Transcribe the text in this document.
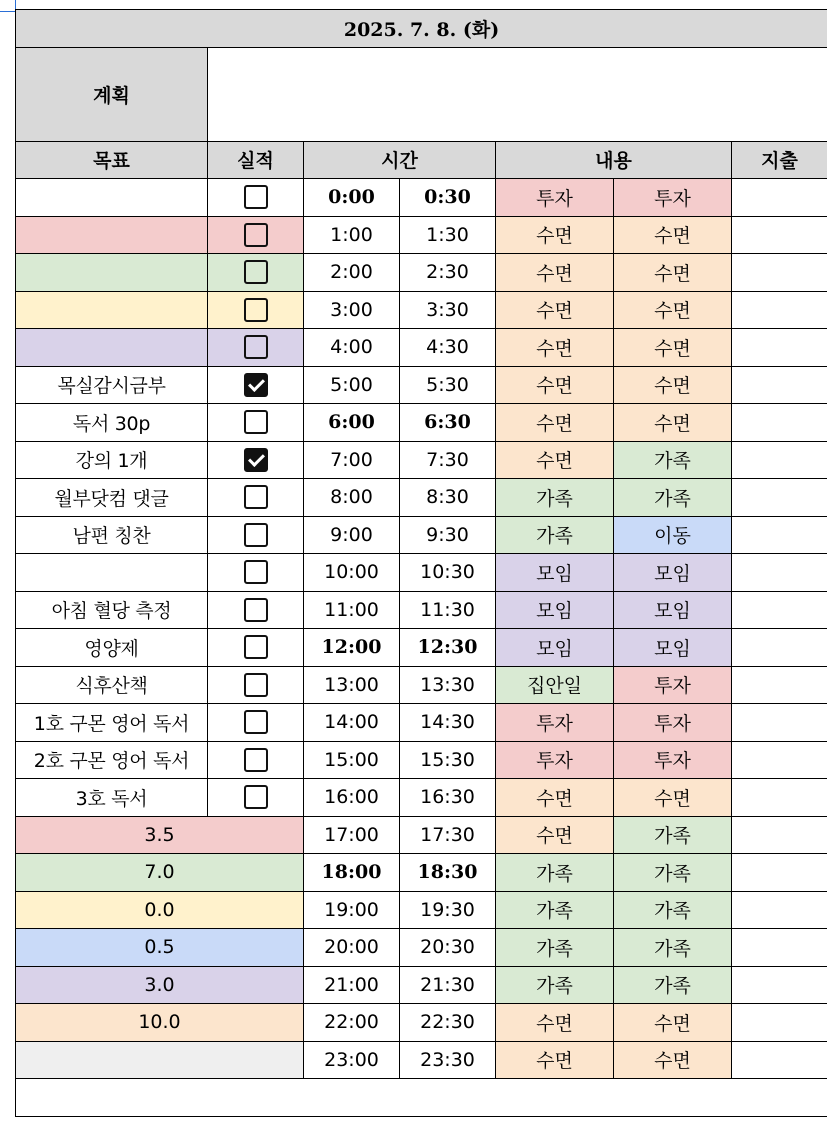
2025. 7. 8. (화)						
계획						
목표	실적	시간		내용		지출
		0:00	0:30	투자	투자	
		1:00	1:30	수면	수면	
		2:00	2:30	수면	수면	
		3:00	3:30	수면	수면	
		4:00	4:30	수면	수면	
목실감시금부		5:00	5:30	수면	수면	
독서 30p		6:00	6:30	수면	수면	
강의 1개		7:00	7:30	수면	가족	
월부닷컴 댓글		8:00	8:30	가족	가족	
남편 칭찬		9:00	9:30	가족	이동	
		10:00	10:30	모임	모임	
아침 혈당 측정		11:00	11:30	모임	모임	
영양제		12:00	12:30	모임	모임	
식후산책		13:00	13:30	집안일	투자	
1호 구몬 영어 독서		14:00	14:30	투자	투자	
2호 구몬 영어 독서		15:00	15:30	투자	투자	
3호 독서		16:00	16:30	수면	수면	
3.5		17:00	17:30	수면	가족	
7.0		18:00	18:30	가족	가족	
0.0		19:00	19:30	가족	가족	
0.5		20:00	20:30	가족	가족	
3.0		21:00	21:30	가족	가족	
10.0		22:00	22:30	수면	수면	
		23:00	23:30	수면	수면	
